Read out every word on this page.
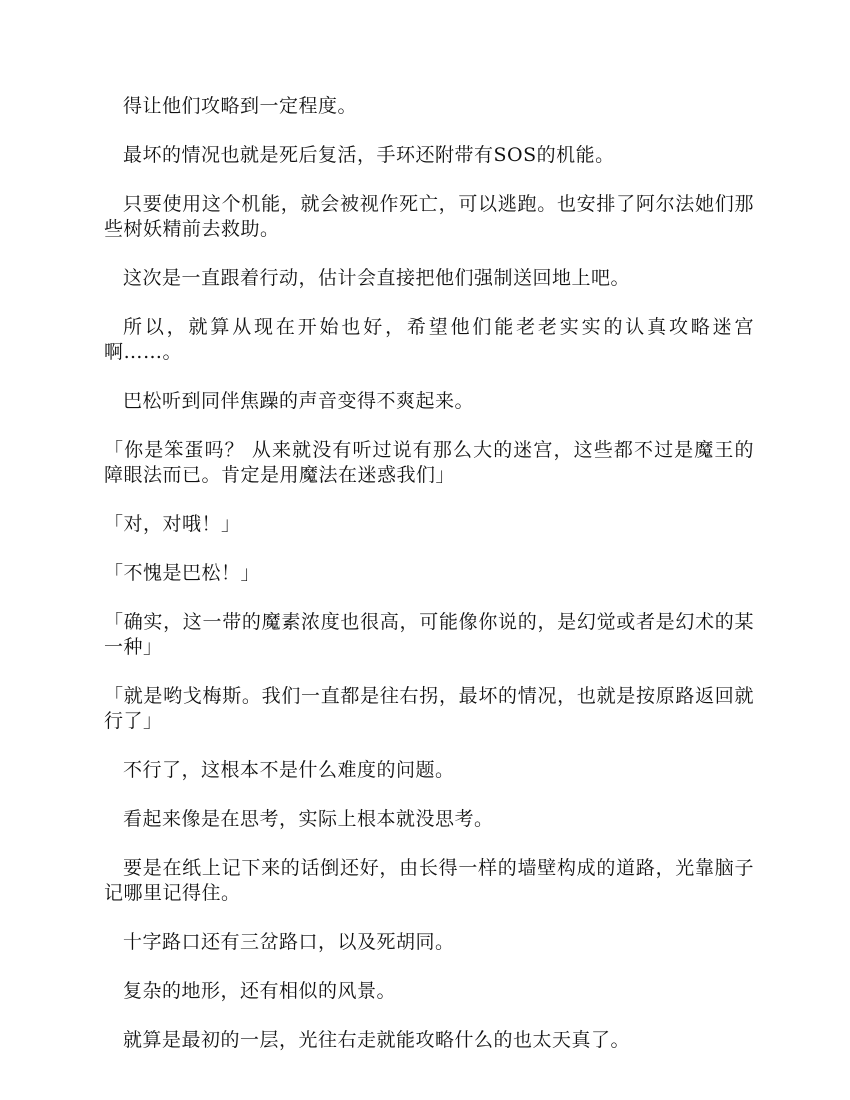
得让他们攻略到一定程度。

最坏的情况也就是死后复活，手环还附带有SOS的机能。

只要使用这个机能，就会被视作死亡，可以逃跑。也安排了阿尔法她们那些树妖精前去救助。

这次是一直跟着行动，估计会直接把他们强制送回地上吧。

所以，就算从现在开始也好，希望他们能老老实实的认真攻略迷宫啊……。

巴松听到同伴焦躁的声音变得不爽起来。

「你是笨蛋吗？ 从来就没有听过说有那么大的迷宫，这些都不过是魔王的障眼法而已。肯定是用魔法在迷惑我们」

「对，对哦！」

「不愧是巴松！」

「确实，这一带的魔素浓度也很高，可能像你说的，是幻觉或者是幻术的某一种」

「就是哟戈梅斯。我们一直都是往右拐，最坏的情况，也就是按原路返回就行了」

不行了，这根本不是什么难度的问题。

看起来像是在思考，实际上根本就没思考。

要是在纸上记下来的话倒还好，由长得一样的墙壁构成的道路，光靠脑子记哪里记得住。

十字路口还有三岔路口，以及死胡同。

复杂的地形，还有相似的风景。

就算是最初的一层，光往右走就能攻略什么的也太天真了。
